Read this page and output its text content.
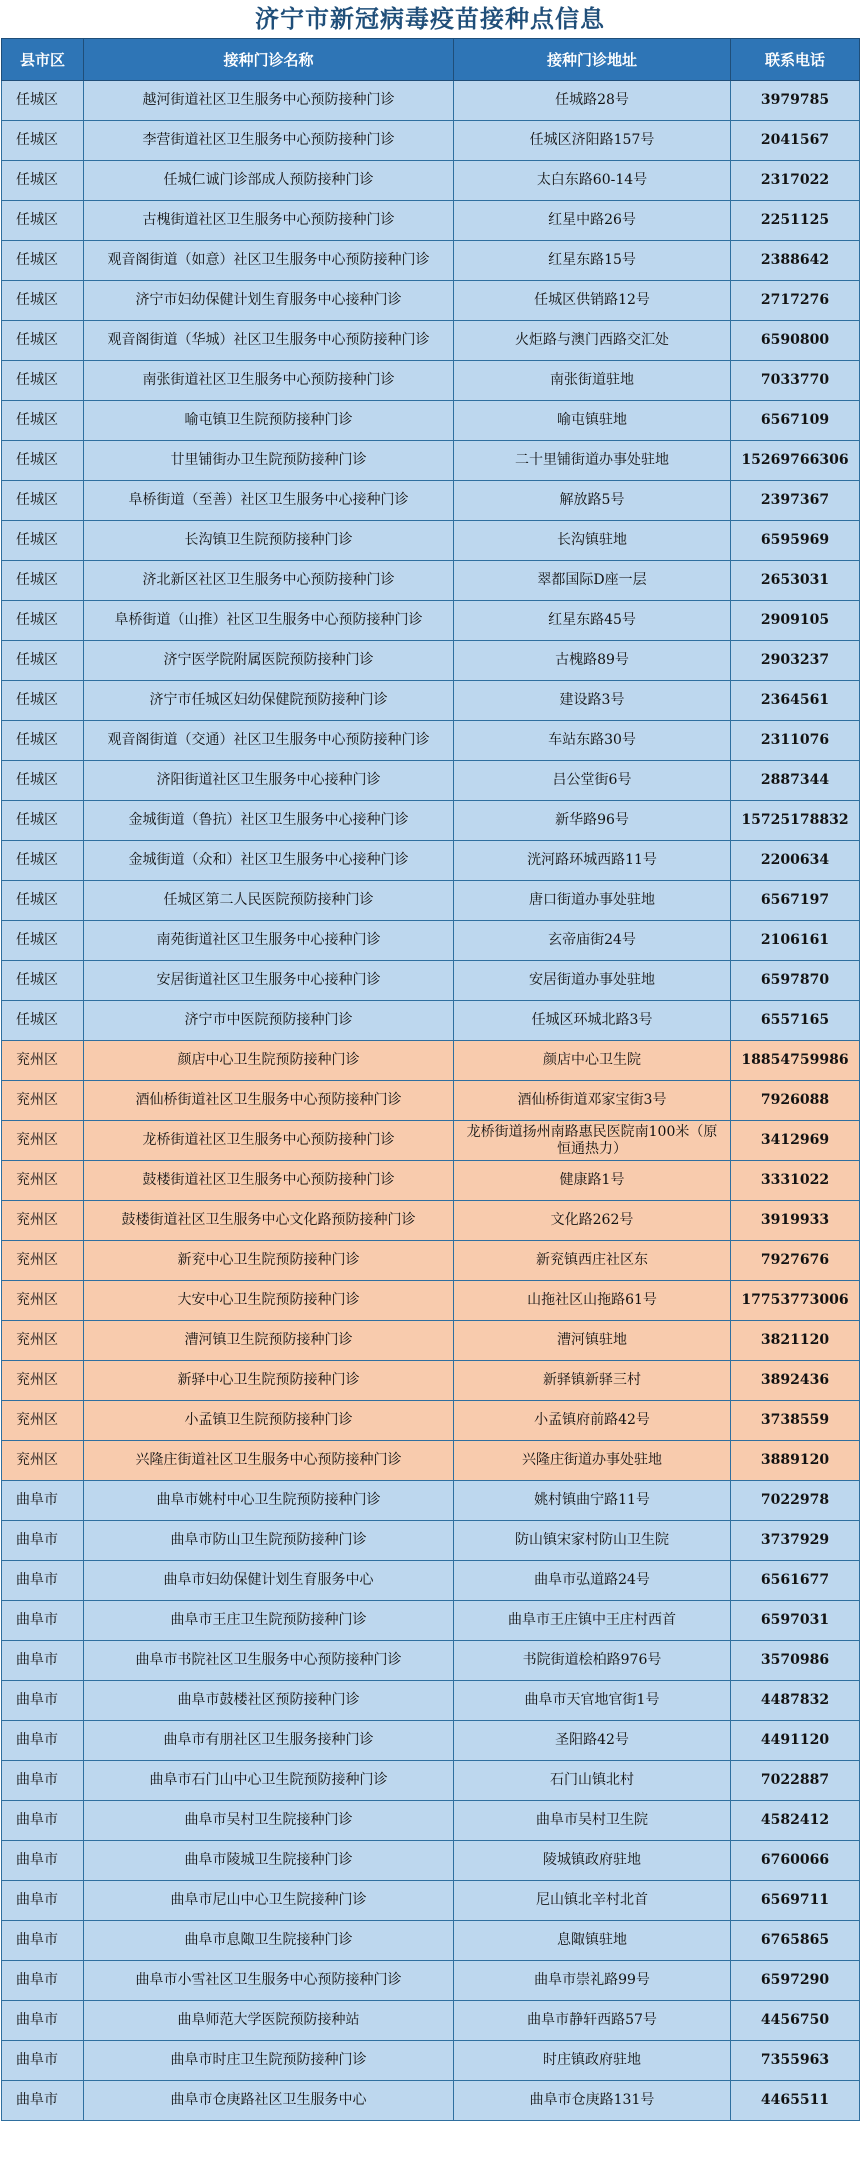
济宁市新冠病毒疫苗接种点信息
县市区	接种门诊名称	接种门诊地址	联系电话
任城区	越河街道社区卫生服务中心预防接种门诊	任城路28号	3979785
任城区	李营街道社区卫生服务中心预防接种门诊	任城区济阳路157号	2041567
任城区	任城仁诚门诊部成人预防接种门诊	太白东路60-14号	2317022
任城区	古槐街道社区卫生服务中心预防接种门诊	红星中路26号	2251125
任城区	观音阁街道（如意）社区卫生服务中心预防接种门诊	红星东路15号	2388642
任城区	济宁市妇幼保健计划生育服务中心接种门诊	任城区供销路12号	2717276
任城区	观音阁街道（华城）社区卫生服务中心预防接种门诊	火炬路与澳门西路交汇处	6590800
任城区	南张街道社区卫生服务中心预防接种门诊	南张街道驻地	7033770
任城区	喻屯镇卫生院预防接种门诊	喻屯镇驻地	6567109
任城区	廿里铺街办卫生院预防接种门诊	二十里铺街道办事处驻地	15269766306
任城区	阜桥街道（至善）社区卫生服务中心接种门诊	解放路5号	2397367
任城区	长沟镇卫生院预防接种门诊	长沟镇驻地	6595969
任城区	济北新区社区卫生服务中心预防接种门诊	翠都国际D座一层	2653031
任城区	阜桥街道（山推）社区卫生服务中心预防接种门诊	红星东路45号	2909105
任城区	济宁医学院附属医院预防接种门诊	古槐路89号	2903237
任城区	济宁市任城区妇幼保健院预防接种门诊	建设路3号	2364561
任城区	观音阁街道（交通）社区卫生服务中心预防接种门诊	车站东路30号	2311076
任城区	济阳街道社区卫生服务中心接种门诊	吕公堂街6号	2887344
任城区	金城街道（鲁抗）社区卫生服务中心接种门诊	新华路96号	15725178832
任城区	金城街道（众和）社区卫生服务中心接种门诊	洸河路环城西路11号	2200634
任城区	任城区第二人民医院预防接种门诊	唐口街道办事处驻地	6567197
任城区	南苑街道社区卫生服务中心接种门诊	玄帝庙街24号	2106161
任城区	安居街道社区卫生服务中心接种门诊	安居街道办事处驻地	6597870
任城区	济宁市中医院预防接种门诊	任城区环城北路3号	6557165
兖州区	颜店中心卫生院预防接种门诊	颜店中心卫生院	18854759986
兖州区	酒仙桥街道社区卫生服务中心预防接种门诊	酒仙桥街道邓家宝街3号	7926088
兖州区	龙桥街道社区卫生服务中心预防接种门诊	龙桥街道扬州南路惠民医院南100米（原恒通热力）	3412969
兖州区	鼓楼街道社区卫生服务中心预防接种门诊	健康路1号	3331022
兖州区	鼓楼街道社区卫生服务中心文化路预防接种门诊	文化路262号	3919933
兖州区	新兖中心卫生院预防接种门诊	新兖镇西庄社区东	7927676
兖州区	大安中心卫生院预防接种门诊	山拖社区山拖路61号	17753773006
兖州区	漕河镇卫生院预防接种门诊	漕河镇驻地	3821120
兖州区	新驿中心卫生院预防接种门诊	新驿镇新驿三村	3892436
兖州区	小孟镇卫生院预防接种门诊	小孟镇府前路42号	3738559
兖州区	兴隆庄街道社区卫生服务中心预防接种门诊	兴隆庄街道办事处驻地	3889120
曲阜市	曲阜市姚村中心卫生院预防接种门诊	姚村镇曲宁路11号	7022978
曲阜市	曲阜市防山卫生院预防接种门诊	防山镇宋家村防山卫生院	3737929
曲阜市	曲阜市妇幼保健计划生育服务中心	曲阜市弘道路24号	6561677
曲阜市	曲阜市王庄卫生院预防接种门诊	曲阜市王庄镇中王庄村西首	6597031
曲阜市	曲阜市书院社区卫生服务中心预防接种门诊	书院街道桧柏路976号	3570986
曲阜市	曲阜市鼓楼社区预防接种门诊	曲阜市天官地官街1号	4487832
曲阜市	曲阜市有朋社区卫生服务接种门诊	圣阳路42号	4491120
曲阜市	曲阜市石门山中心卫生院预防接种门诊	石门山镇北村	7022887
曲阜市	曲阜市吴村卫生院接种门诊	曲阜市吴村卫生院	4582412
曲阜市	曲阜市陵城卫生院接种门诊	陵城镇政府驻地	6760066
曲阜市	曲阜市尼山中心卫生院接种门诊	尼山镇北辛村北首	6569711
曲阜市	曲阜市息陬卫生院接种门诊	息陬镇驻地	6765865
曲阜市	曲阜市小雪社区卫生服务中心预防接种门诊	曲阜市崇礼路99号	6597290
曲阜市	曲阜师范大学医院预防接种站	曲阜市静轩西路57号	4456750
曲阜市	曲阜市时庄卫生院预防接种门诊	时庄镇政府驻地	7355963
曲阜市	曲阜市仓庚路社区卫生服务中心	曲阜市仓庚路131号	4465511
